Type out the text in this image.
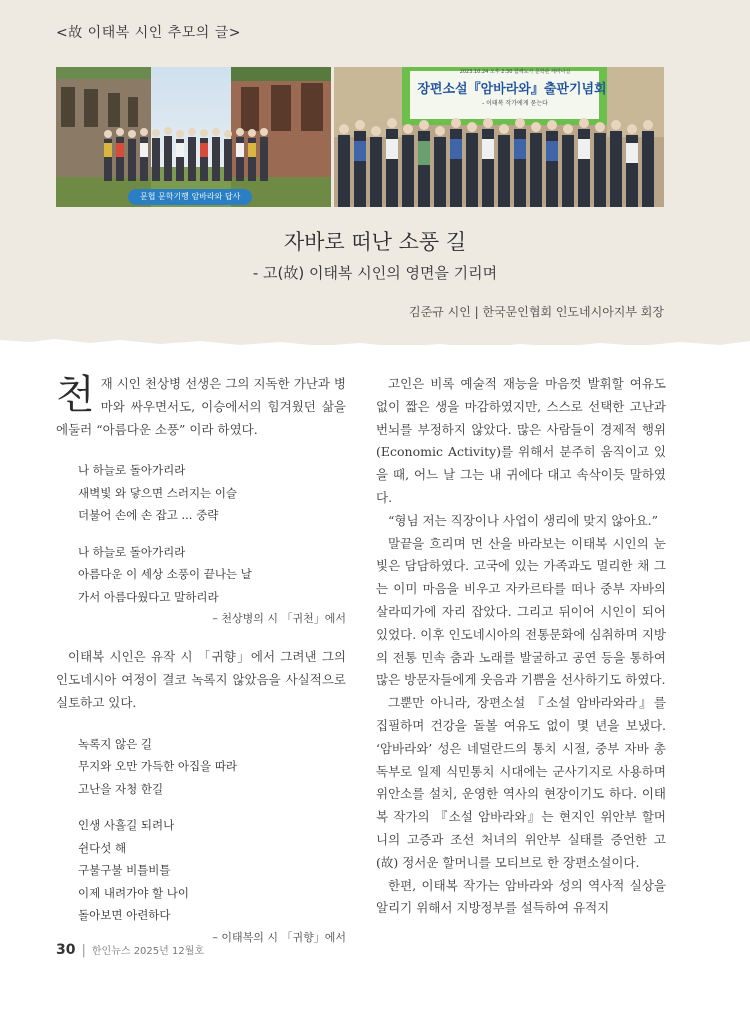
<故 이태복 시인 추모의 글>
문협 문학기행 암바라와 답사
2023.10.24 오후 2:30 함께도가 문학관 세미나실
장편소설『암바라와』출판기념회
- 이태복 작가에게 묻는다
자바로 떠난 소풍 길
- 고(故) 이태복 시인의 영면을 기리며
김준규 시인 | 한국문인협회 인도네시아지부 회장

천재 시인 천상병 선생은 그의 지독한 가난과 병마와 싸우면서도, 이승에서의 힘겨웠던 삶을 에둘러 “아름다운 소풍” 이라 하였다.

나 하늘로 돌아가리라
새벽빛 와 닿으면 스러지는 이슬
더불어 손에 손 잡고 ... 중략
나 하늘로 돌아가리라
아름다운 이 세상 소풍이 끝나는 날
가서 아름다웠다고 말하리라

– 천상병의 시 「귀천」에서

이태복 시인은 유작 시 「귀향」에서 그려낸 그의 인도네시아 여정이 결코 녹록지 않았음을 사실적으로 실토하고 있다.

녹록지 않은 길
무지와 오만 가득한 아집을 따라
고난을 자청 한길
인생 사흘길 되려나
쉰다섯 해
구불구불 비틀비틀
이제 내려가야 할 나이
돌아보면 아련하다

– 이태복의 시 「귀향」에서

고인은 비록 예술적 재능을 마음껏 발휘할 여유도 없이 짧은 생을 마감하였지만, 스스로 선택한 고난과 번뇌를 부정하지 않았다. 많은 사람들이 경제적 행위(Economic Activity)를 위해서 분주히 움직이고 있을 때, 어느 날 그는 내 귀에다 대고 속삭이듯 말하였다.

“형님 저는 직장이나 사업이 생리에 맞지 않아요.”

말끝을 흐리며 먼 산을 바라보는 이태복 시인의 눈빛은 담담하였다. 고국에 있는 가족과도 멀리한 채 그는 이미 마음을 비우고 자카르타를 떠나 중부 자바의 살라띠가에 자리 잡았다. 그리고 뒤이어 시인이 되어 있었다. 이후 인도네시아의 전통문화에 심취하며 지방의 전통 민속 춤과 노래를 발굴하고 공연 등을 통하여 많은 방문자들에게 웃음과 기쁨을 선사하기도 하였다.

그뿐만 아니라, 장편소설 『소설 암바라와라』를 집필하며 건강을 돌볼 여유도 없이 몇 년을 보냈다. ‘암바라와’ 성은 네덜란드의 통치 시절, 중부 자바 총독부로 일제 식민통치 시대에는 군사기지로 사용하며 위안소를 설치, 운영한 역사의 현장이기도 하다. 이태복 작가의 『소설 암바라와』는 현지인 위안부 할머니의 고증과 조선 처녀의 위안부 실태를 증언한 고(故) 정서운 할머니를 모티브로 한 장편소설이다.

한편, 이태복 작가는 암바라와 성의 역사적 실상을 알리기 위해서 지방정부를 설득하여 유적지

30 | 한인뉴스 2025년 12월호
